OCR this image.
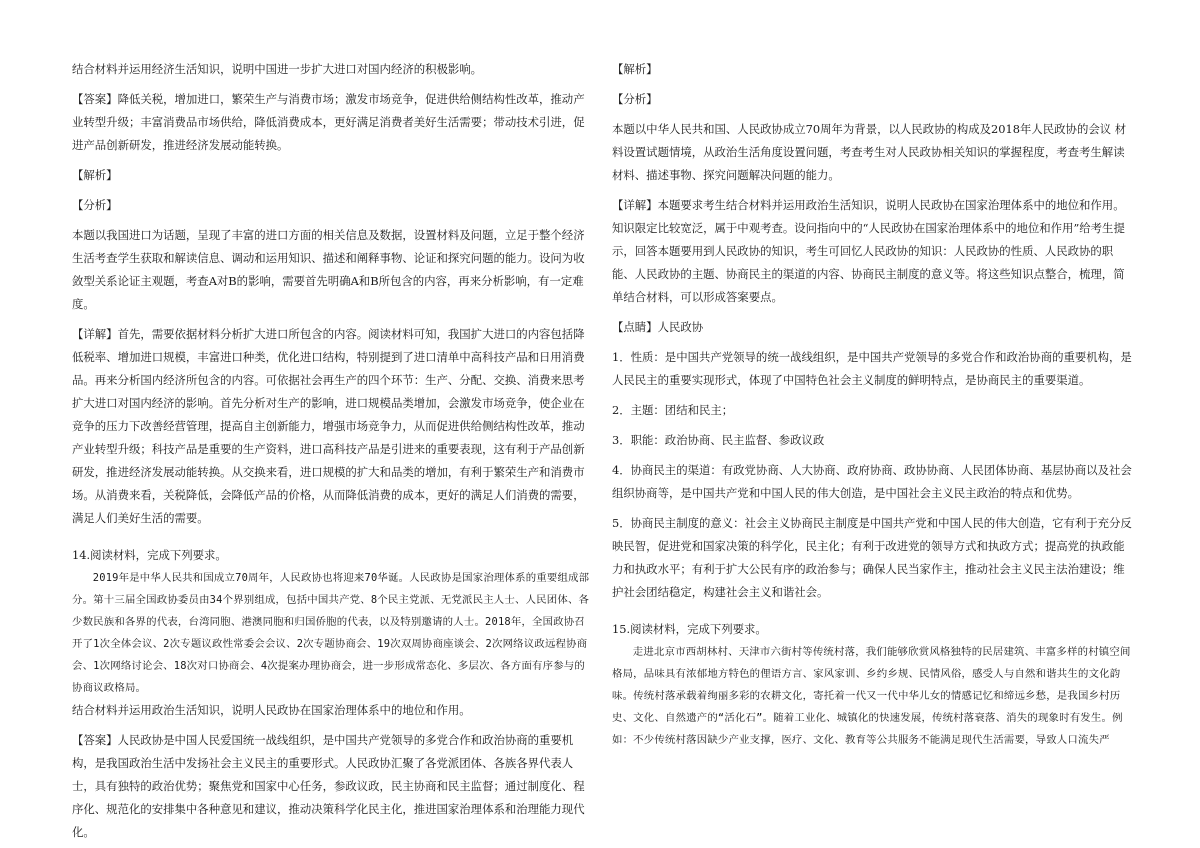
结合材料并运用经济生活知识，说明中国进一步扩大进口对国内经济的积极影响。

【答案】降低关税，增加进口，繁荣生产与消费市场；激发市场竞争，促进供给侧结构性改革，推动产业转型升级；丰富消费品市场供给，降低消费成本，更好满足消费者美好生活需要；带动技术引进，促进产品创新研发，推进经济发展动能转换。

【解析】

【分析】

本题以我国进口为话题，呈现了丰富的进口方面的相关信息及数据，设置材料及问题，立足于整个经济生活考查学生获取和解读信息、调动和运用知识、描述和阐释事物、论证和探究问题的能力。设问为收敛型关系论证主观题，考查A对B的影响，需要首先明确A和B所包含的内容，再来分析影响，有一定难度。

【详解】首先，需要依据材料分析扩大进口所包含的内容。阅读材料可知，我国扩大进口的内容包括降低税率、增加进口规模，丰富进口种类，优化进口结构，特别提到了进口清单中高科技产品和日用消费品。再来分析国内经济所包含的内容。可依据社会再生产的四个环节：生产、分配、交换、消费来思考扩大进口对国内经济的影响。首先分析对生产的影响，进口规模品类增加，会激发市场竞争，使企业在竞争的压力下改善经营管理，提高自主创新能力，增强市场竞争力，从而促进供给侧结构性改革，推动产业转型升级；科技产品是重要的生产资料，进口高科技产品是引进来的重要表现，这有利于产品创新研发，推进经济发展动能转换。从交换来看，进口规模的扩大和品类的增加，有利于繁荣生产和消费市场。从消费来看，关税降低，会降低产品的价格，从而降低消费的成本，更好的满足人们消费的需要，满足人们美好生活的需要。

14.阅读材料，完成下列要求。

2019年是中华人民共和国成立70周年，人民政协也将迎来70华诞。人民政协是国家治理体系的重要组成部分。第十三届全国政协委员由34个界别组成，包括中国共产党、8个民主党派、无党派民主人士、人民团体、各少数民族和各界的代表，台湾同胞、港澳同胞和归国侨胞的代表，以及特别邀请的人士。2018年，全国政协召开了1次全体会议、2次专题议政性常委会会议、2次专题协商会、19次双周协商座谈会、2次网络议政远程协商会、1次网络讨论会、18次对口协商会、4次提案办理协商会，进一步形成常态化、多层次、各方面有序参与的协商议政格局。

结合材料并运用政治生活知识，说明人民政协在国家治理体系中的地位和作用。

【答案】人民政协是中国人民爱国统一战线组织，是中国共产党领导的多党合作和政治协商的重要机构，是我国政治生活中发扬社会主义民主的重要形式。人民政协汇聚了各党派团体、各族各界代表人士，具有独特的政治优势；聚焦党和国家中心任务，参政议政，民主协商和民主监督；通过制度化、程序化、规范化的安排集中各种意见和建议，推动决策科学化民主化，推进国家治理体系和治理能力现代化。

【解析】

【分析】

本题以中华人民共和国、人民政协成立70周年为背景，以人民政协的构成及2018年人民政协的会议 材料设置试题情境，从政治生活角度设置问题，考查考生对人民政协相关知识的掌握程度，考查考生解读材料、描述事物、探究问题解决问题的能力。

【详解】本题要求考生结合材料并运用政治生活知识，说明人民政协在国家治理体系中的地位和作用。知识限定比较宽泛，属于中观考查。设问指向中的“人民政协在国家治理体系中的地位和作用”给考生提示，回答本题要用到人民政协的知识，考生可回忆人民政协的知识：人民政协的性质、人民政协的职能、人民政协的主题、协商民主的渠道的内容、协商民主制度的意义等。将这些知识点整合，梳理，简单结合材料，可以形成答案要点。

【点睛】人民政协

1．性质：是中国共产党领导的统一战线组织，是中国共产党领导的多党合作和政治协商的重要机构，是人民民主的重要实现形式，体现了中国特色社会主义制度的鲜明特点，是协商民主的重要渠道。

2．主题：团结和民主；

3．职能：政治协商、民主监督、参政议政

4．协商民主的渠道：有政党协商、人大协商、政府协商、政协协商、人民团体协商、基层协商以及社会组织协商等，是中国共产党和中国人民的伟大创造，是中国社会主义民主政治的特点和优势。

5．协商民主制度的意义：社会主义协商民主制度是中国共产党和中国人民的伟大创造，它有利于充分反映民智，促进党和国家决策的科学化，民主化；有利于改进党的领导方式和执政方式；提高党的执政能力和执政水平；有利于扩大公民有序的政治参与；确保人民当家作主，推动社会主义民主法治建设；维护社会团结稳定，构建社会主义和谐社会。

15.阅读材料，完成下列要求。

走进北京市西胡林村、天津市六街村等传统村落，我们能够欣赏风格独特的民居建筑、丰富多样的村镇空间格局，品味具有浓郁地方特色的俚语方言、家风家训、乡约乡规、民情风俗，感受人与自然和谐共生的文化韵味。传统村落承载着绚丽多彩的农耕文化，寄托着一代又一代中华儿女的情感记忆和缔远乡愁，是我国乡村历史、文化、自然遗产的“活化石”。随着工业化、城镇化的快速发展，传统村落衰落、消失的现象时有发生。例如：不少传统村落因缺少产业支撑，医疗、文化、教育等公共服务不能满足现代生活需要，导致人口流失严
